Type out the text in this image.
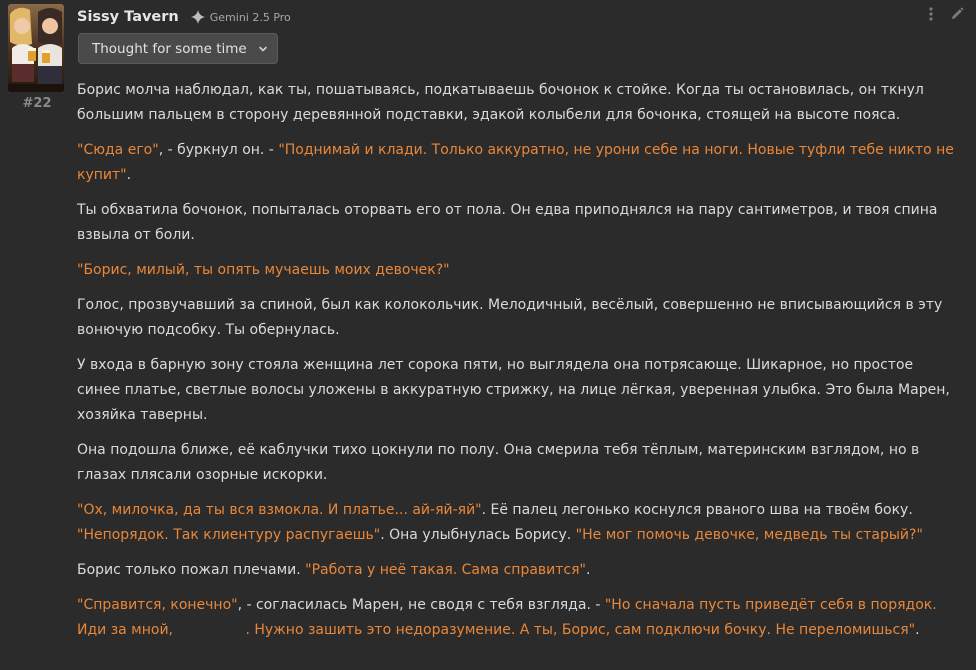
#22
Sissy Tavern	Gemini 2.5 Pro
Thought for some time

Борис молча наблюдал, как ты, пошатываясь, подкатываешь бочонок к стойке. Когда ты остановилась, он ткнул большим пальцем в сторону деревянной подставки, эдакой колыбели для бочонка, стоящей на высоте пояса.

"Сюда его", - буркнул он. - "Поднимай и клади. Только аккуратно, не урони себе на ноги. Новые туфли тебе никто не купит".

Ты обхватила бочонок, попыталась оторвать его от пола. Он едва приподнялся на пару сантиметров, и твоя спина взвыла от боли.

"Борис, милый, ты опять мучаешь моих девочек?"

Голос, прозвучавший за спиной, был как колокольчик. Мелодичный, весёлый, совершенно не вписывающийся в эту вонючую подсобку. Ты обернулась.

У входа в барную зону стояла женщина лет сорока пяти, но выглядела она потрясающе. Шикарное, но простое синее платье, светлые волосы уложены в аккуратную стрижку, на лице лёгкая, уверенная улыбка. Это была Марен, хозяйка таверны.

Она подошла ближе, её каблучки тихо цокнули по полу. Она смерила тебя тёплым, материнским взглядом, но в глазах плясали озорные искорки.

"Ох, милочка, да ты вся взмокла. И платье... ай-яй-яй". Её палец легонько коснулся рваного шва на твоём боку. "Непорядок. Так клиентуру распугаешь". Она улыбнулась Борису. "Не мог помочь девочке, медведь ты старый?"

Борис только пожал плечами. "Работа у неё такая. Сама справится".

"Справится, конечно", - согласилась Марен, не сводя с тебя взгляда. - "Но сначала пусть приведёт себя в порядок. Иди за мной,	. Нужно зашить это недоразумение. А ты, Борис, сам подключи бочку. Не переломишься".
